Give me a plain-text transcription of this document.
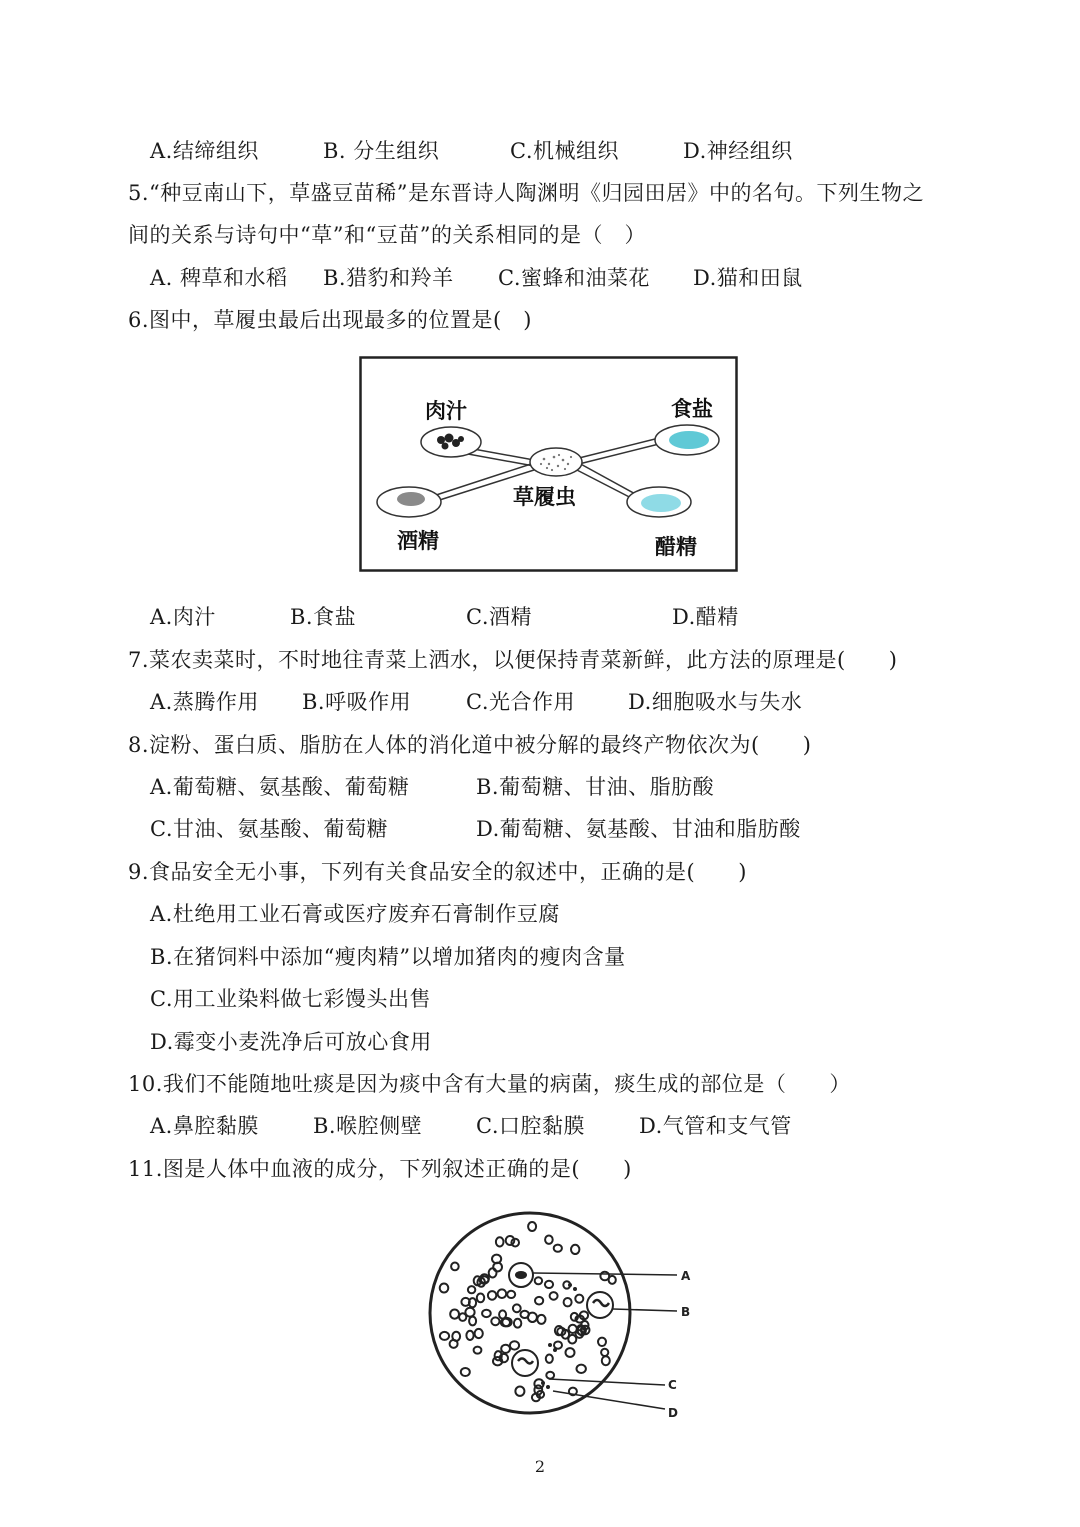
A.结缔组织	B. 分生组织	C.机械组织	D.神经组织
5.“种豆南山下，草盛豆苗稀”是东晋诗人陶渊明《归园田居》中的名句。下列生物之
间的关系与诗句中“草”和“豆苗”的关系相同的是（　）
A. 稗草和水稻 B.猎豹和羚羊 C.蜜蜂和油菜花 D.猫和田鼠
6.图中，草履虫最后出现最多的位置是(　)
肉汁	食盐
草履虫
酒精	醋精
A.肉汁	B.食盐	C.酒精	D.醋精
7.菜农卖菜时，不时地往青菜上洒水，以便保持青菜新鲜，此方法的原理是(　　)
A.蒸腾作用 B.呼吸作用	C.光合作用	D.细胞吸水与失水
8.淀粉、蛋白质、脂肪在人体的消化道中被分解的最终产物依次为(　　)
A.葡萄糖、氨基酸、葡萄糖	B.葡萄糖、甘油、脂肪酸
C.甘油、氨基酸、葡萄糖	D.葡萄糖、氨基酸、甘油和脂肪酸
9.食品安全无小事，下列有关食品安全的叙述中，正确的是(　　)
A.杜绝用工业石膏或医疗废弃石膏制作豆腐
B.在猪饲料中添加“瘦肉精”以增加猪肉的瘦肉含量
C.用工业染料做七彩馒头出售
D.霉变小麦洗净后可放心食用
10.我们不能随地吐痰是因为痰中含有大量的病菌，痰生成的部位是（　　）
A.鼻腔黏膜	B.喉腔侧壁	C.口腔黏膜	D.气管和支气管
11.图是人体中血液的成分，下列叙述正确的是(　　)
A
B
C
D
2
